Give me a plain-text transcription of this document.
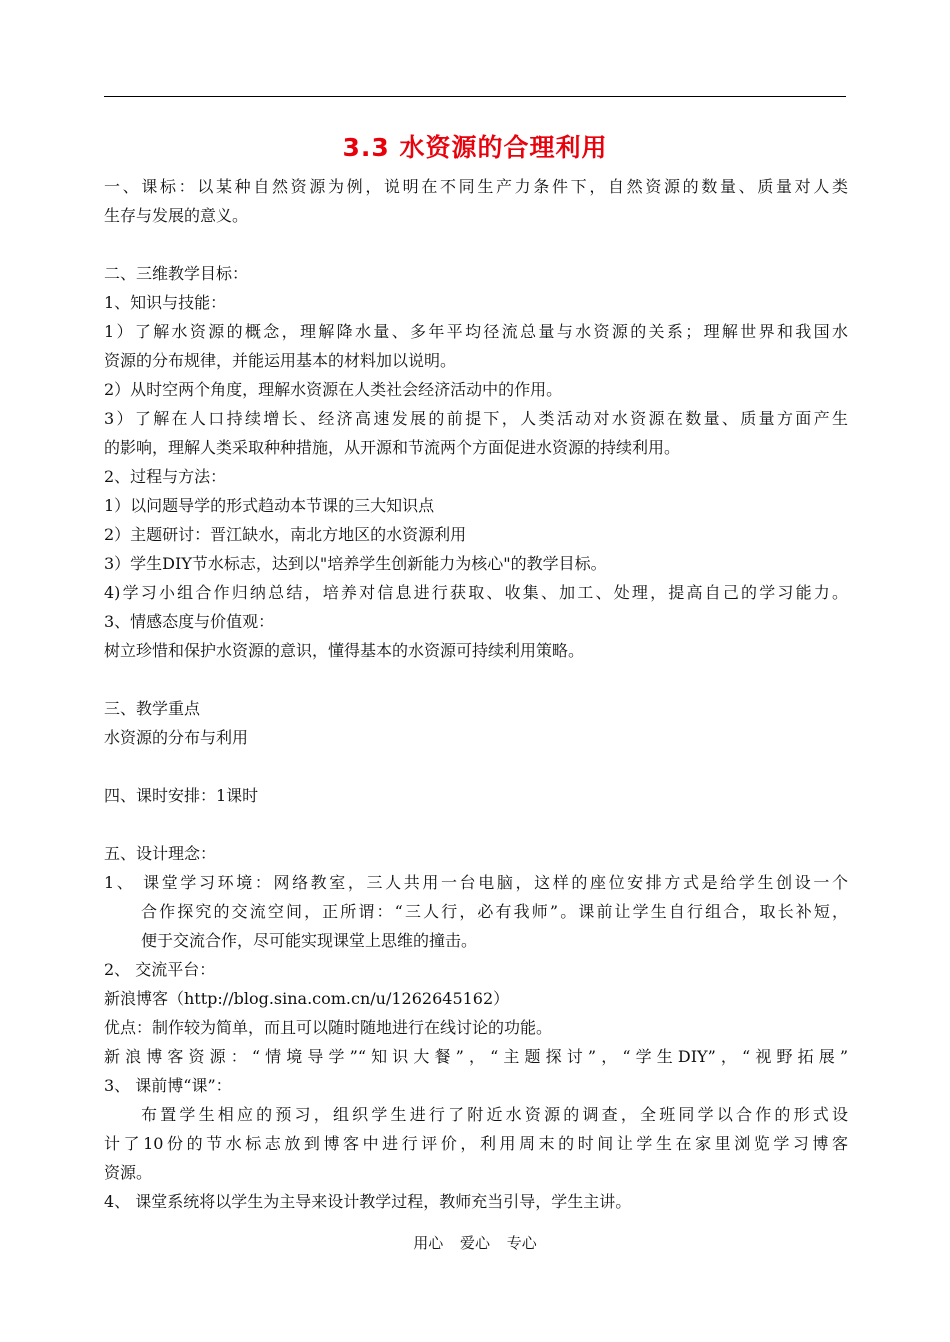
3.3 水资源的合理利用
一、课标：以某种自然资源为例，说明在不同生产力条件下，自然资源的数量、质量对人类
生存与发展的意义。
二、三维教学目标：
1、知识与技能：
1）了解水资源的概念，理解降水量、多年平均径流总量与水资源的关系；理解世界和我国水
资源的分布规律，并能运用基本的材料加以说明。
2）从时空两个角度，理解水资源在人类社会经济活动中的作用。
3）了解在人口持续增长、经济高速发展的前提下，人类活动对水资源在数量、质量方面产生
的影响，理解人类采取种种措施，从开源和节流两个方面促进水资源的持续利用。
2、过程与方法：
1）以问题导学的形式趋动本节课的三大知识点
2）主题研讨：晋江缺水，南北方地区的水资源利用
3）学生DIY节水标志，达到以"培养学生创新能力为核心"的教学目标。
4)学习小组合作归纳总结，培养对信息进行获取、收集、加工、处理，提高自己的学习能力。
3、情感态度与价值观：
树立珍惜和保护水资源的意识，懂得基本的水资源可持续利用策略。
三、教学重点
水资源的分布与利用
四、课时安排：1课时
五、设计理念：
1、 课堂学习环境：网络教室，三人共用一台电脑，这样的座位安排方式是给学生创设一个
合作探究的交流空间，正所谓：“三人行，必有我师”。课前让学生自行组合，取长补短，
便于交流合作，尽可能实现课堂上思维的撞击。
2、 交流平台：
新浪博客（http://blog.sina.com.cn/u/1262645162）
优点：制作较为简单，而且可以随时随地进行在线讨论的功能。
新浪博客资源：“情境导学”“知识大餐”，“主题探讨”，“学生DIY”，“视野拓展”
3、 课前博“课”：
布置学生相应的预习，组织学生进行了附近水资源的调查，全班同学以合作的形式设
计了10份的节水标志放到博客中进行评价，利用周末的时间让学生在家里浏览学习博客
资源。
4、 课堂系统将以学生为主导来设计教学过程，教师充当引导，学生主讲。
用心 爱心 专心
